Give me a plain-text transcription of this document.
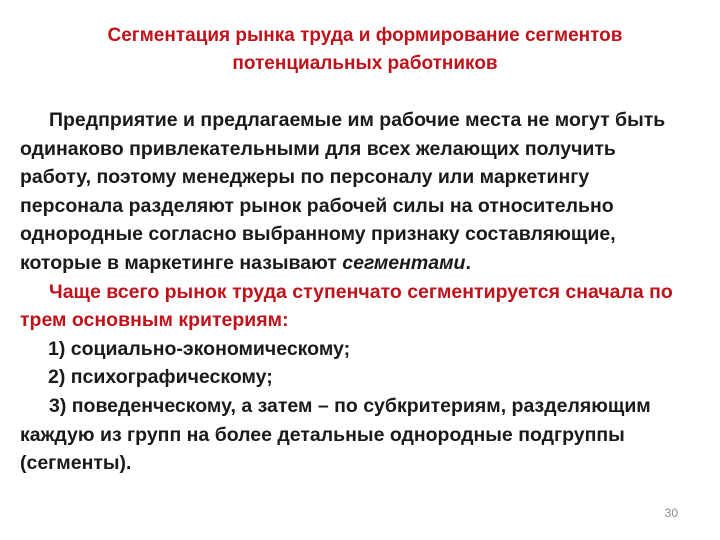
Сегментация рынка труда и формирование сегментов
потенциальных работников

Предприятие и предлагаемые им рабочие места не могут быть одинаково привлекательными для всех желающих получить работу, поэтому менеджеры по персоналу или маркетингу персонала разделяют рынок рабочей силы на относительно однородные согласно выбранному признаку составляющие, которые в маркетинге называют сегментами.

Чаще всего рынок труда ступенчато сегментируется сначала по трем основным критериям:

1) социально-экономическому;

2) психографическому;

3) поведенческому, а затем – по субкритериям, разделяющим каждую из групп на более детальные однородные подгруппы (сегменты).

30
